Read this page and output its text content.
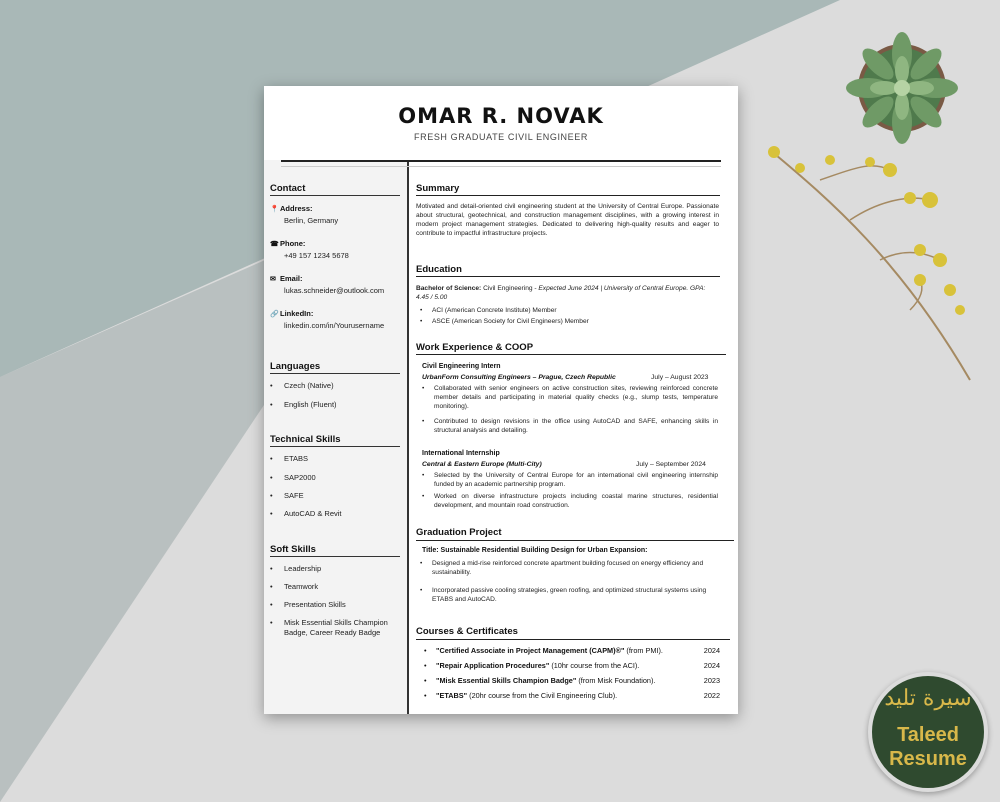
OMAR R. NOVAK
FRESH GRADUATE CIVIL ENGINEER
Contact
📍Address:
Berlin, Germany
☎Phone:
+49 157 1234 5678
✉ Email:
lukas.schneider@outlook.com
🔗LinkedIn:
linkedin.com/in/Yourusername
Languages
• Czech (Native)
• English (Fluent)
Technical Skills
• ETABS
• SAP2000
• SAFE
• AutoCAD & Revit
Soft Skills
• Leadership
• Teamwork
• Presentation Skills
• Misk Essential Skills Champion Badge, Career Ready Badge
Summary
Motivated and detail-oriented civil engineering student at the University of Central Europe. Passionate about structural, geotechnical, and construction management disciplines, with a growing interest in modern project management strategies. Dedicated to delivering high-quality results and eager to contribute to impactful infrastructure projects.
Education
Bachelor of Science: Civil Engineering - Expected June 2024 | University of Central Europe. GPA: 4.45 / 5.00
• ACI (American Concrete Institute) Member
• ASCE (American Society for Civil Engineers) Member
Work Experience & COOP
Civil Engineering Intern
UrbanForm Consulting Engineers – Prague, Czech Republic	July – August 2023
• Collaborated with senior engineers on active construction sites, reviewing reinforced concrete member details and participating in material quality checks (e.g., slump tests, temperature monitoring).
• Contributed to design revisions in the office using AutoCAD and SAFE, enhancing skills in structural analysis and detailing.
International Internship
Central & Eastern Europe (Multi-City)	July – September 2024
• Selected by the University of Central Europe for an international civil engineering internship funded by an academic partnership program.
• Worked on diverse infrastructure projects including coastal marine structures, residential development, and mountain road construction.
Graduation Project
Title: Sustainable Residential Building Design for Urban Expansion:
• Designed a mid-rise reinforced concrete apartment building focused on energy efficiency and sustainability.
• Incorporated passive cooling strategies, green roofing, and optimized structural systems using ETABS and AutoCAD.
Courses & Certificates
• "Certified Associate in Project Management (CAPM)®" (from PMI).	2024
• "Repair Application Procedures" (10hr course from the ACI).	2024
• "Misk Essential Skills Champion Badge" (from Misk Foundation).	2023
• "ETABS" (20hr course from the Civil Engineering Club).	2022	سيرة تليد
Taleed
Resume
